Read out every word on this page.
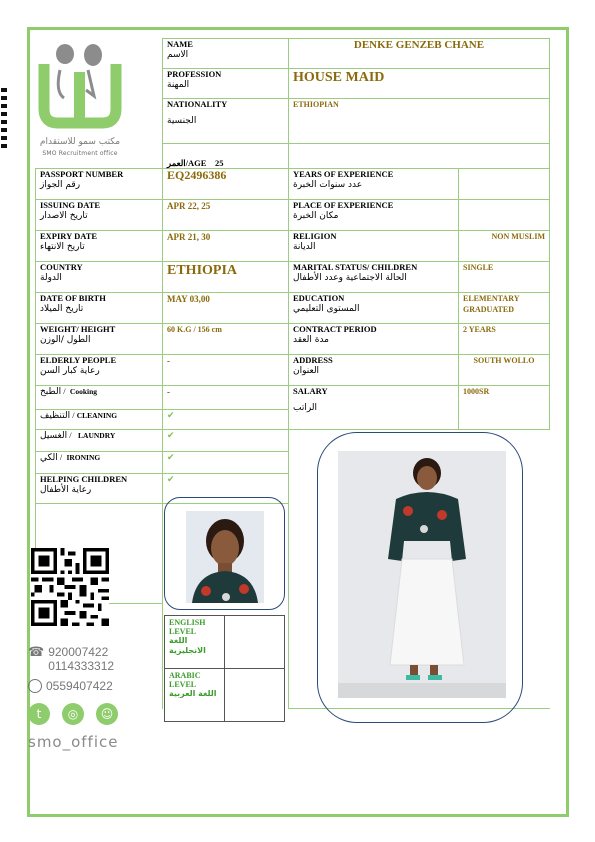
مكتب سمو للاستقدام
SMO Recruitment office
	NAME
الاسم	DENKE GENZEB CHANE	
	PROFESSION
المهنة	HOUSE MAID	
	NATIONALITY

الجنسية	ETHIOPIAN	
	العمر/AGE 25		
PASSPORT NUMBER
رقم الجواز	EQ2496386	YEARS OF EXPERIENCE
عدد سنوات الخبرة	

ISSUING DATE
تاريخ الاصدار	APR 22, 25	PLACE OF EXPERIENCE
مكان الخبرة	

EXPIRY DATE
تاريخ الانتهاء	APR 21, 30	RELIGION
الديانة	NON MUSLIM
COUNTRY
الدولة	ETHIOPIA	MARITAL STATUS/ CHILDREN
الحالة الاجتماعية وعدد الأطفال	SINGLE
DATE OF BIRTH
تاريخ الميلاد	MAY 03,00	EDUCATION
المستوى التعليمي	ELEMENTARY GRADUATED
WEIGHT/ HEIGHT
الطول /الوزن	60 K.G / 156 cm	CONTRACT PERIOD
مدة العقد	2 YEARS
ELDERLY PEOPLE
رعاية كبار السن	-	ADDRESS
العنوان	SOUTH WOLLO
الطبخ /  Cooking	-	SALARY

الراتب	1000SR
التنظيف / CLEANING	✔		
الغسيل /   LAUNDRY	✔		
الكي /  IRONING	✔		
HELPING CHILDREN
رعاية الأطفال	✔		

☎ 920007422
0114333312
0559407422
t	◎	☺
smo_office
ENGLISH LEVEL
اللغة الانجليزية	

ARABIC LEVEL
اللغة العربية	
